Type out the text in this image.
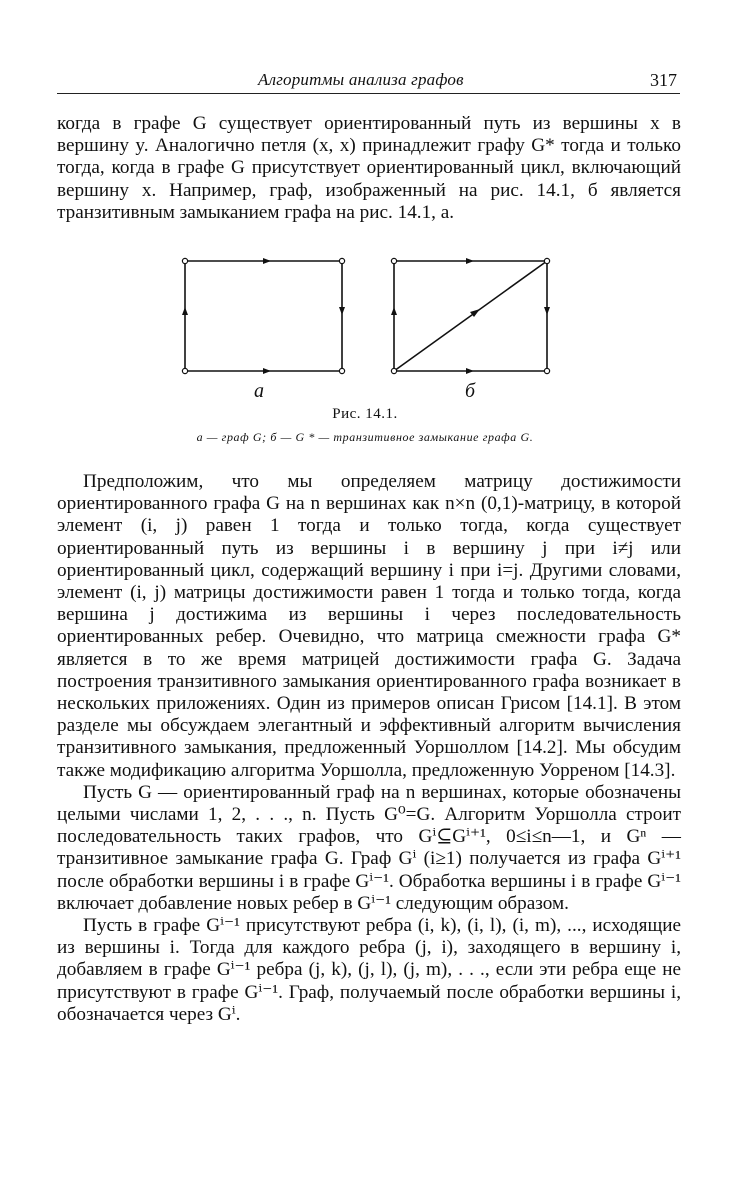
Алгоритмы анализа графов	317

когда в графе G существует ориентированный путь из вершины x в вершину y. Аналогично петля (x, x) принадлежит графу G* тогда и только тогда, когда в графе G присутствует ориентированный цикл, включающий вершину x. Например, граф, изображенный на рис. 14.1, б является транзитивным замыканием графа на рис. 14.1, а.

а	б
Рис. 14.1.
а — граф G; б — G * — транзитивное замыкание графа G.

Предположим, что мы определяем матрицу достижимости ориентированного графа G на n вершинах как n×n (0,1)-матрицу, в которой элемент (i, j) равен 1 тогда и только тогда, когда существует ориентированный путь из вершины i в вершину j при i≠j или ориентированный цикл, содержащий вершину i при i=j. Другими словами, элемент (i, j) матрицы достижимости равен 1 тогда и только тогда, когда вершина j достижима из вершины i через последовательность ориентированных ребер. Очевидно, что матрица смежности графа G* является в то же время матрицей достижимости графа G. Задача построения транзитивного замыкания ориентированного графа возникает в нескольких приложениях. Один из примеров описан Грисом [14.1]. В этом разделе мы обсуждаем элегантный и эффективный алгоритм вычисления транзитивного замыкания, предложенный Уоршоллом [14.2]. Мы обсудим также модификацию алгоритма Уоршолла, предложенную Уорреном [14.3].

Пусть G — ориентированный граф на n вершинах, которые обозначены целыми числами 1, 2, . . ., n. Пусть G⁰=G. Алгоритм Уоршолла строит последовательность таких графов, что Gⁱ⊆Gⁱ⁺¹, 0≤i≤n—1, и Gⁿ — транзитивное замыкание графа G. Граф Gⁱ (i≥1) получается из графа Gⁱ⁺¹ после обработки вершины i в графе Gⁱ⁻¹. Обработка вершины i в графе Gⁱ⁻¹ включает добавление новых ребер в Gⁱ⁻¹ следующим образом.

Пусть в графе Gⁱ⁻¹ присутствуют ребра (i, k), (i, l), (i, m), ..., исходящие из вершины i. Тогда для каждого ребра (j, i), заходящего в вершину i, добавляем в графе Gⁱ⁻¹ ребра (j, k), (j, l), (j, m), . . ., если эти ребра еще не присутствуют в графе Gⁱ⁻¹. Граф, получаемый после обработки вершины i, обозначается через Gⁱ.
